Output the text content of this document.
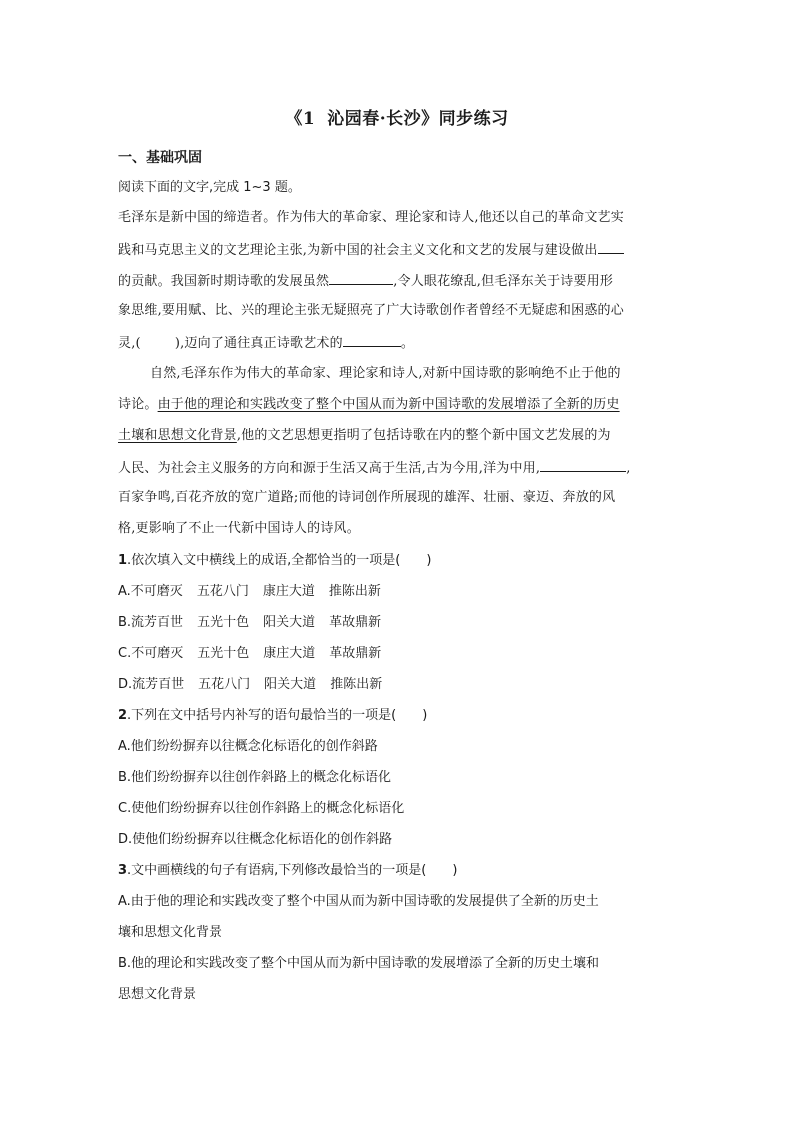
《1 沁园春·长沙》同步练习
一、基础巩固
阅读下面的文字,完成 1~3 题。
毛泽东是新中国的缔造者。作为伟大的革命家、理论家和诗人,他还以自己的革命文艺实
践和马克思主义的文艺理论主张,为新中国的社会主义文化和文艺的发展与建设做出
的贡献。我国新时期诗歌的发展虽然	,令人眼花缭乱,但毛泽东关于诗要用形
象思维,要用赋、比、兴的理论主张无疑照亮了广大诗歌创作者曾经不无疑虑和困惑的心
灵,(	),迈向了通往真正诗歌艺术的	。
自然,毛泽东作为伟大的革命家、理论家和诗人,对新中国诗歌的影响绝不止于他的
诗论。由于他的理论和实践改变了整个中国从而为新中国诗歌的发展增添了全新的历史
土壤和思想文化背景,他的文艺思想更指明了包括诗歌在内的整个新中国文艺发展的为
人民、为社会主义服务的方向和源于生活又高于生活,古为今用,洋为中用,	,
百家争鸣,百花齐放的宽广道路;而他的诗词创作所展现的雄浑、壮丽、豪迈、奔放的风
格,更影响了不止一代新中国诗人的诗风。
1.依次填入文中横线上的成语,全都恰当的一项是(　　)
A.不可磨灭 五花八门 康庄大道 推陈出新
B.流芳百世 五光十色 阳关大道 革故鼎新
C.不可磨灭 五光十色 康庄大道 革故鼎新
D.流芳百世 五花八门 阳关大道 推陈出新
2.下列在文中括号内补写的语句最恰当的一项是(　　)
A.他们纷纷摒弃以往概念化标语化的创作斜路
B.他们纷纷摒弃以往创作斜路上的概念化标语化
C.使他们纷纷摒弃以往创作斜路上的概念化标语化
D.使他们纷纷摒弃以往概念化标语化的创作斜路
3.文中画横线的句子有语病,下列修改最恰当的一项是(　　)
A.由于他的理论和实践改变了整个中国从而为新中国诗歌的发展提供了全新的历史土
壤和思想文化背景
B.他的理论和实践改变了整个中国从而为新中国诗歌的发展增添了全新的历史土壤和
思想文化背景
